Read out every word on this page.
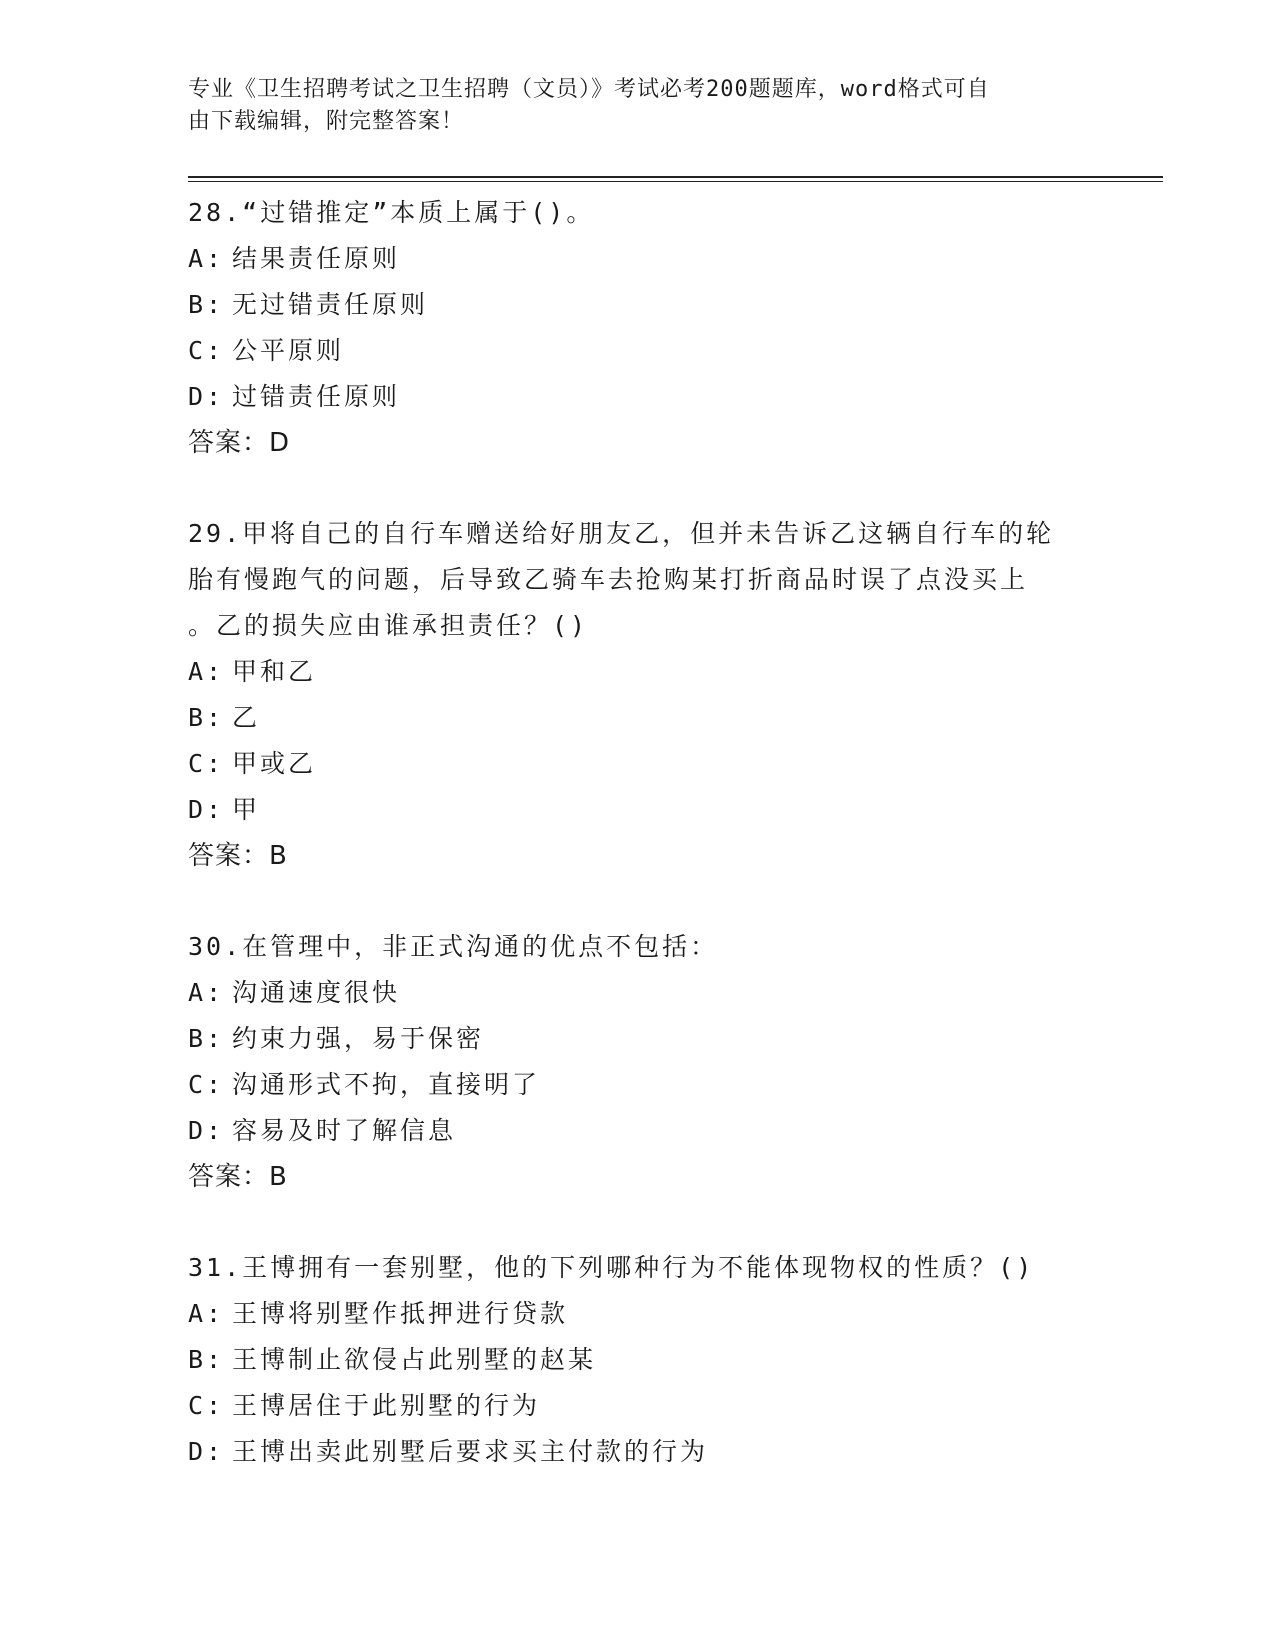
专业《卫生招聘考试之卫生招聘（文员）》考试必考200题题库，word格式可自
由下载编辑，附完整答案！
28.“过错推定”本质上属于()。
A: 结果责任原则
B: 无过错责任原则
C: 公平原则
D: 过错责任原则
答案：D
29.甲将自己的自行车赠送给好朋友乙，但并未告诉乙这辆自行车的轮
胎有慢跑气的问题，后导致乙骑车去抢购某打折商品时误了点没买上
。乙的损失应由谁承担责任？()
A: 甲和乙
B: 乙
C: 甲或乙
D: 甲
答案：B
30.在管理中，非正式沟通的优点不包括：
A: 沟通速度很快
B: 约束力强，易于保密
C: 沟通形式不拘，直接明了
D: 容易及时了解信息
答案：B
31.王博拥有一套别墅，他的下列哪种行为不能体现物权的性质？()
A: 王博将别墅作抵押进行贷款
B: 王博制止欲侵占此别墅的赵某
C: 王博居住于此别墅的行为
D: 王博出卖此别墅后要求买主付款的行为
